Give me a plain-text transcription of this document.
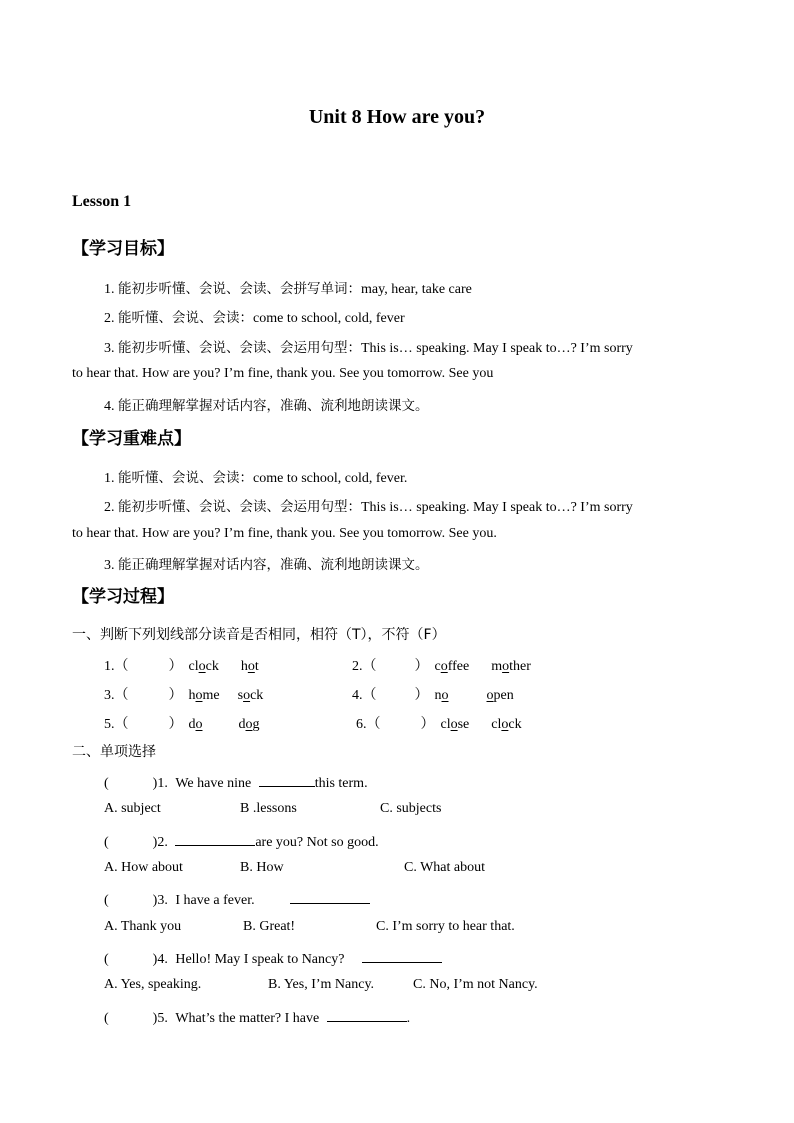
Unit 8 How are you?
Lesson 1
【学习目标】
1. 能初步听懂、会说、会读、会拼写单词：may, hear, take care
2. 能听懂、会说、会读：come to school, cold, fever
3. 能初步听懂、会说、会读、会运用句型：This is… speaking. May I speak to…? I’m sorry
to hear that. How are you? I’m fine, thank you. See you tomorrow. See you
4. 能正确理解掌握对话内容，准确、流利地朗读课文。
【学习重难点】
1. 能听懂、会说、会读：come to school, cold, fever.
2. 能初步听懂、会说、会读、会运用句型：This is… speaking. May I speak to…? I’m sorry
to hear that. How are you? I’m fine, thank you. See you tomorrow. See you.
3. 能正确理解掌握对话内容，准确、流利地朗读课文。
【学习过程】
一、判断下列划线部分读音是否相同，相符（T），不符（F）
1.（	） clock hot	2.（	） coffee mother
3.（	） home sock	4.（	） no	open
5.（	） do	dog	6.（	） close clock
二、单项选择
(	)1. We have nine	this term.
A. subject	B .lessons	C. subjects
(	)2.	are you? Not so good.
A. How about	B. How	C. What about
(	)3. I have a fever.
A. Thank you	B. Great!	C. I’m sorry to hear that.
(	)4. Hello! May I speak to Nancy?
A. Yes, speaking.	B. Yes, I’m Nancy.	C. No, I’m not Nancy.
(	)5. What’s the matter? I have	.
